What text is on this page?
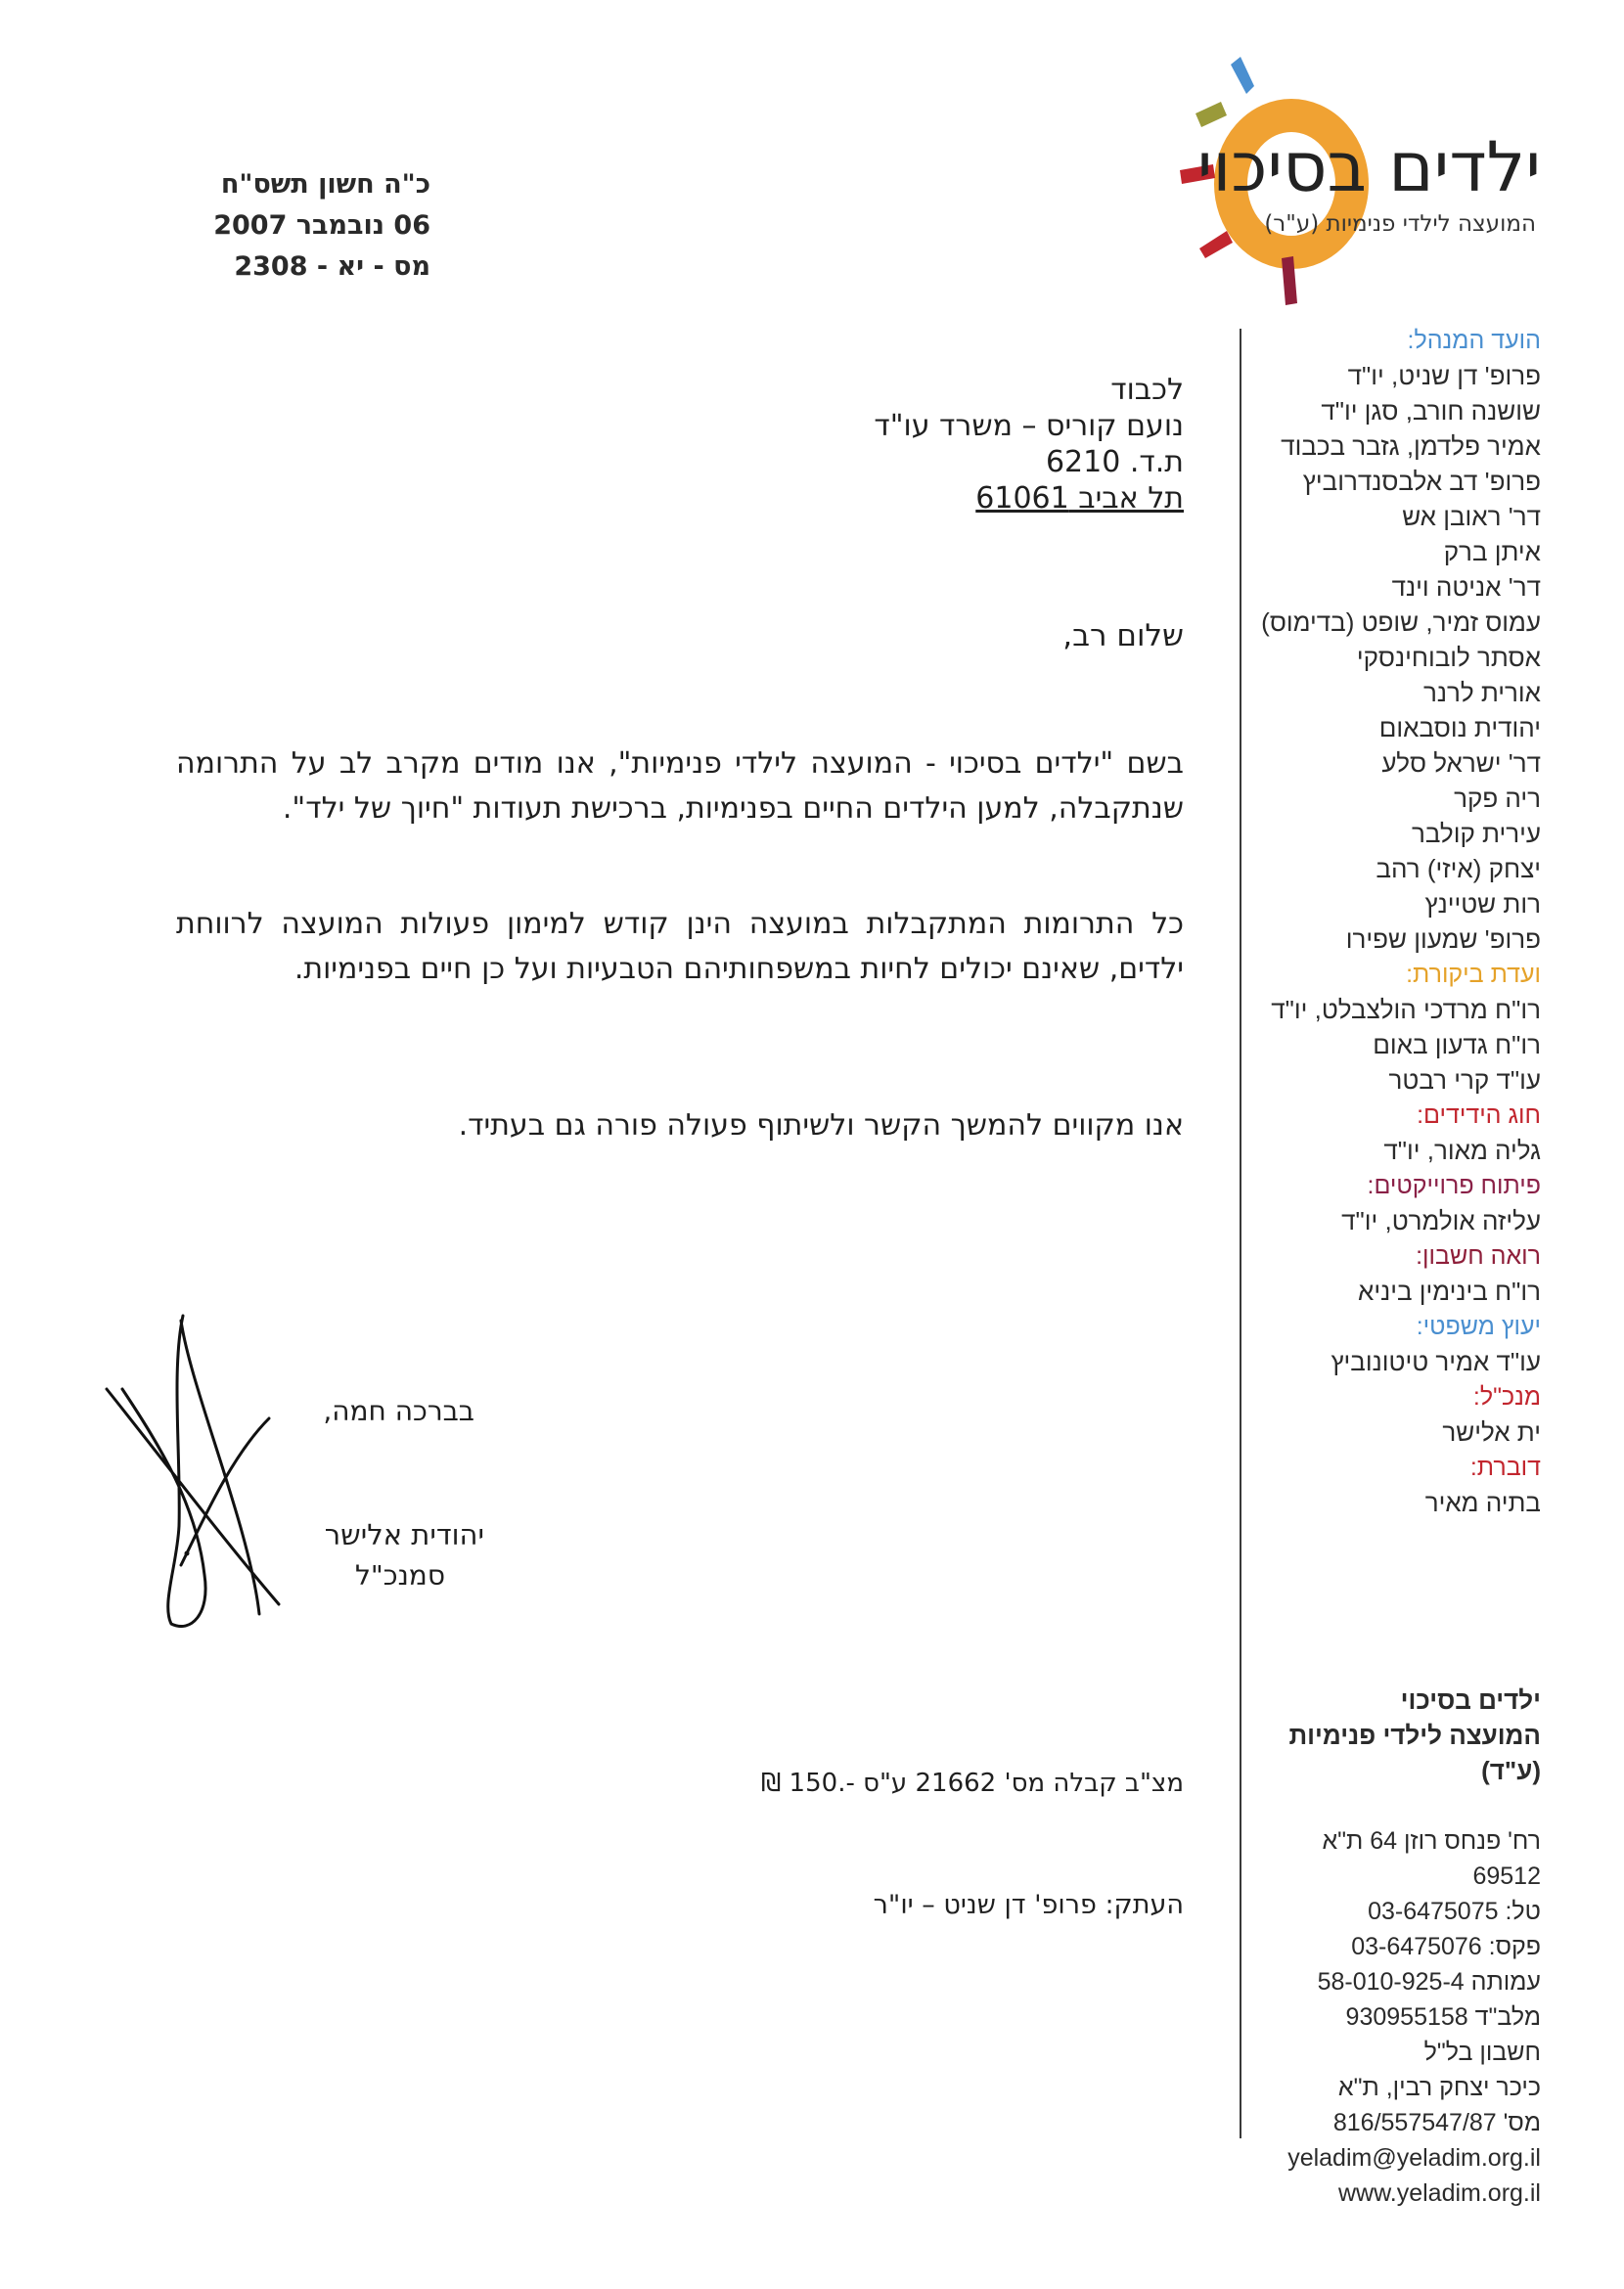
ילדים בסיכוי
המועצה לילדי פנימיות (ע"ר)
כ"ה חשון תשס"ח
06 נובמבר 2007
מס - יא - 2308
לכבוד
נועם קוריס – משרד עו"ד
ת.ד. 6210
תל אביב 61061
שלום רב,
בשם "ילדים בסיכוי - המועצה לילדי פנימיות", אנו מודים מקרב לב על התרומה שנתקבלה, למען הילדים החיים בפנימיות, ברכישת תעודות "חיוך של ילד".
כל התרומות המתקבלות במועצה הינן קודש למימון פעולות המועצה לרווחת ילדים, שאינם יכולים לחיות במשפחותיהם הטבעיות ועל כן חיים בפנימיות.
אנו מקווים להמשך הקשר ולשיתוף פעולה פורה גם בעתיד.
בברכה חמה,
יהודית אלישר
סמנכ"ל
מצ"ב קבלה מס' 21662 ע"ס -.150 ₪
העתק: פרופ' דן שניט – יו"ר
הועד המנהל:
פרופ' דן שניט, יו"ד
שושנה חורב, סגן יו"ד
אמיר פלדמן, גזבר בכבוד
פרופ' דב אלבסנדרוביץ
דר' ראובן אש
איתן ברק
דר' אניטה וינד
עמוס זמיר, שופט (בדימוס)
אסתר לובוחינסקי
אורית לרנר
יהודית נוסבאום
דר' ישראל סלע
ריה פקר
עירית קולבר
יצחק (איזי) רהב
רות שטיינץ
פרופ' שמעון שפירו
ועדת ביקורת:
רו"ח מרדכי הולצבלט, יו"ד
רו"ח גדעון באום
עו"ד קרי רבטר
חוג הידידים:
גליה מאור, יו"ד
פיתוח פרוייקטים:
עליזה אולמרט, יו"ד
רואה חשבון:
רו"ח בינימין ביניא
יעוץ משפטי:
עו"ד אמיר טיטונוביץ
מנכ"ל:
ית אלישר
דוברת:
בתיה מאיר
ילדים בסיכוי
המועצה לילדי פנימיות (ע"ד)
רח' פנחס רוזן 64 ת"א 69512
טל: 03-6475075
פקס: 03-6475076
עמותה 58-010-925-4
מלב"ד 930955158
חשבון בל"ל
כיכר יצחק רבין, ת"א
מס' 816/557547/87
yeladim@yeladim.org.il
www.yeladim.org.il
